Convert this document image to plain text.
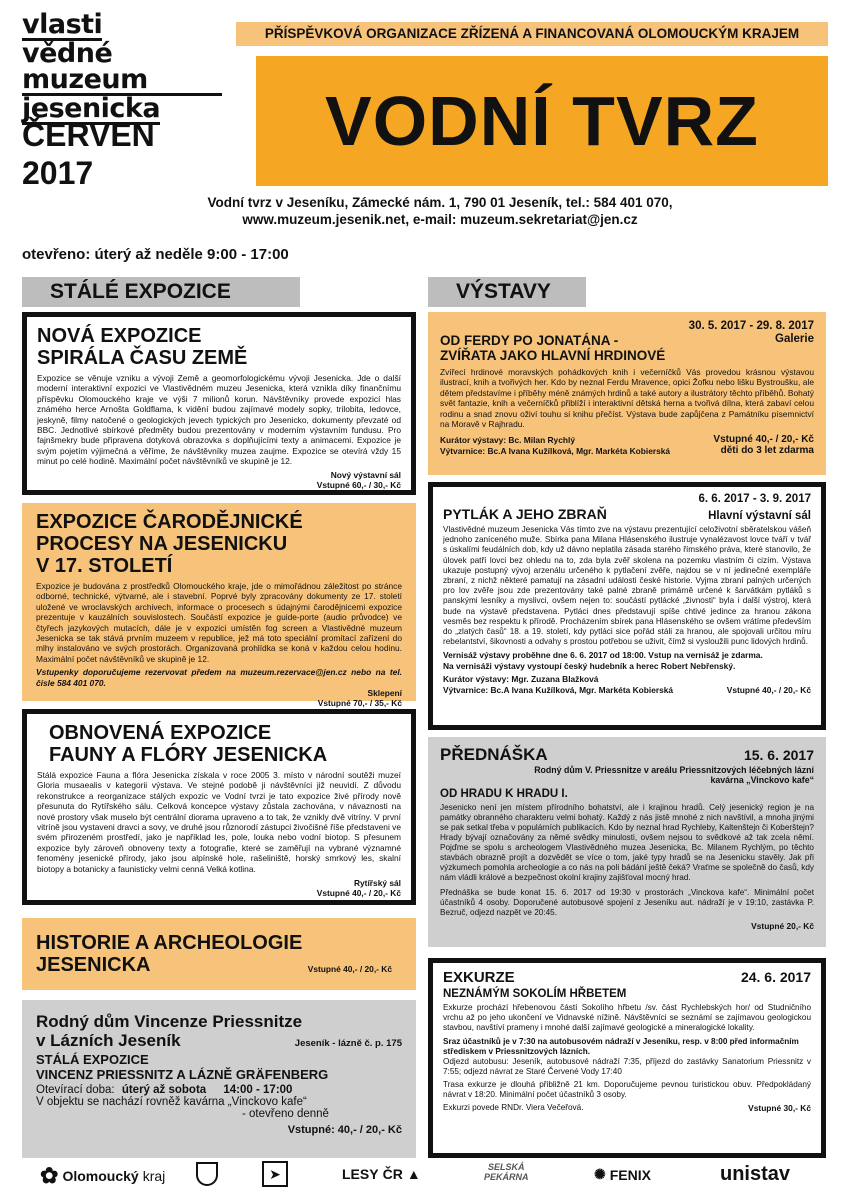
vlasti
vědné muzeum
jesenicka
ČERVEN
2017
PŘÍSPĚVKOVÁ ORGANIZACE ZŘÍZENÁ A FINANCOVANÁ OLOMOUCKÝM KRAJEM
VODNÍ TVRZ
Vodní tvrz v Jeseníku, Zámecké nám. 1, 790 01 Jeseník, tel.: 584 401 070,
www.muzeum.jesenik.net, e-mail: muzeum.sekretariat@jen.cz
otevřeno: úterý až neděle 9:00 - 17:00
STÁLÉ EXPOZICE	VÝSTAVY
NOVÁ EXPOZICE
SPIRÁLA ČASU ZEMĚ
Expozice se věnuje vzniku a vývoji Země a geomorfologickému vývoji Jesenicka. Jde o další moderní interaktivní expozici ve Vlastivědném muzeu Jesenicka, která vznikla díky finančnímu příspěvku Olomouckého kraje ve výši 7 milionů korun. Návštěvníky provede expozicí hlas známého herce Arnošta Goldflama, k vidění budou zajímavé modely sopky, trilobita, ledovce, jeskyně, filmy natočené o geologických jevech typických pro Jesenicko, dokumenty převzaté od BBC. Jednotlivé sbírkové předměty budou prezentovány v moderním výstavním fundusu. Pro fajnšmekry bude připravena dotyková obrazovka s doplňujícími texty a animacemi. Expozice je svým pojetím výjimečná a věříme, že návštěvníky muzea zaujme. Expozice se otevírá vždy 15 minut po celé hodině. Maximální počet návštěvníků ve skupině je 12.
Nový výstavní sál
Vstupné 60,- / 30,- Kč
EXPOZICE ČARODĚJNICKÉ
PROCESY NA JESENICKU
V 17. STOLETÍ
Expozice je budována z prostředků Olomouckého kraje, jde o mimořádnou záležitost po stránce odborné, technické, výtvarné, ale i stavební. Poprvé byly zpracovány dokumenty ze 17. století uložené ve wroclavských archivech, informace o procesech s údajnými čarodějnicemi expozice prezentuje v kauzálních souvislostech. Součástí expozice je guide-porte (audio průvodce) ve čtyřech jazykových mutacích, dále je v expozici umístěn fog screen a Vlastivědné muzeum Jesenicka se tak stává prvním muzeem v republice, jež má toto speciální promítací zařízení do mlhy instalováno ve svých prostorách. Organizovaná prohlídka se koná v každou celou hodinu. Maximální počet návštěvníků ve skupině je 12.
Vstupenky doporučujeme rezervovat předem na muzeum.rezervace@jen.cz nebo na tel. čísle 584 401 070.
Sklepení
Vstupné 70,- / 35,- Kč
OBNOVENÁ EXPOZICE
FAUNY A FLÓRY JESENICKA
Stálá expozice Fauna a flóra Jesenicka získala v roce 2005 3. místo v národní soutěži muzeí Gloria musaealis v kategorii výstava. Ve stejné podobě ji návštěvníci již neuvidí. Z důvodu rekonstrukce a reorganizace stálých expozic ve Vodní tvrzi je tato expozice živé přírody nově přesunuta do Rytířského sálu. Celková koncepce výstavy zůstala zachována, v návaznosti na nové prostory však muselo být centrální diorama upraveno a to tak, že vznikly dvě vitríny. V první vitríně jsou vystaveni dravci a sovy, ve druhé jsou různorodí zástupci živočišné říše představeni ve svém přirozeném prostředí, jako je například les, pole, louka nebo vodní biotop. S přesunem expozice byly zároveň obnoveny texty a fotografie, které se zaměřují na vybrané významné fenomény jesenické přírody, jako jsou alpínské hole, rašeliniště, horský smrkový les, skalní biotopy a botanicky a faunisticky velmi cenná Velká kotlina.
Rytířský sál
Vstupné 40,- / 20,- Kč
HISTORIE A ARCHEOLOGIE
JESENICKA	Vstupné 40,- / 20,- Kč
Rodný dům Vincenze Priessnitze
v Lázních Jeseník	Jeseník - lázně č. p. 175
STÁLÁ EXPOZICE
VINCENZ PRIESSNITZ A LÁZNĚ GRÄFENBERG
Otevírací doba: úterý až sobota 14:00 - 17:00
V objektu se nachází rovněž kavárna „Vinckovo kafe“
- otevřeno denně
Vstupné: 40,- / 20,- Kč
30. 5. 2017 - 29. 8. 2017
OD FERDY PO JONATÁNA -	Galerie
ZVÍŘATA JAKO HLAVNÍ HRDINOVÉ
Zvířecí hrdinové moravských pohádkových knih i večerníčků Vás provedou krásnou výstavou ilustrací, knih a tvořivých her. Kdo by neznal Ferdu Mravence, opici Žofku nebo lišku Bystroušku, ale dětem představíme i příběhy méně známých hrdinů a také autory a ilustrátory těchto příběhů. Bohatý svět fantazie, knih a večerníčků přiblíží i interaktivní dětská herna a tvořivá dílna, která zabaví celou rodinu a snad znovu oživí touhu si knihu přečíst. Výstava bude zapůjčena z Památníku písemnictví na Moravě v Rajhradu.
Kurátor výstavy: Bc. Milan Rychlý
Výtvarnice: Bc.A Ivana Kužílková, Mgr. Markéta Kobierská
Vstupné 40,- / 20,- Kč
děti do 3 let zdarma
6. 6. 2017 - 3. 9. 2017
PYTLÁK A JEHO ZBRAŇ	Hlavní výstavní sál
Vlastivědné muzeum Jesenicka Vás tímto zve na výstavu prezentující celoživotní sběratelskou vášeň jednoho zaníceného muže. Sbírka pana Milana Hlásenského ilustruje vynalézavost lovce tváří v tvář s úskalími feudálních dob, kdy už dávno neplatila zásada starého římského práva, které stanovilo, že úlovek patří lovci bez ohledu na to, zda byla zvěř skolena na pozemku vlastním či cizím. Výstava ukazuje postupný vývoj arzenálu určeného k pytlačení zvěře, najdou se v ní jedinečné exempláře zbraní, z nichž některé pamatují na zásadní události české historie. Vyjma zbraní palných určených pro lov zvěře jsou zde prezentovány také palné zbraně primárně určené k šarvátkám pytláků s panskými lesníky a myslivci, ovšem nejen to: součástí pytlácké „živnosti“ byla i další výstroj, která bude na výstavě představena. Pytláci dnes představují spíše chtivé jedince za hranou zákona vesměs bez respektu k přírodě. Procházením sbírek pana Hlásenského se ovšem vrátíme především do „zlatých časů“ 18. a 19. století, kdy pytláci sice pořád stáli za hranou, ale spojovali určitou míru rebelantství, šikovnosti a odvahy s prostou potřebou se uživit, čímž si vysloužili punc lidových hrdinů.
Vernisáž výstavy proběhne dne 6. 6. 2017 od 18:00. Vstup na vernisáž je zdarma.
Na vernisáži výstavy vystoupí český hudebník a herec Robert Nebřenský.
Kurátor výstavy: Mgr. Zuzana Blažková
Výtvarnice: Bc.A Ivana Kužílková, Mgr. Markéta Kobierská	Vstupné 40,- / 20,- Kč
PŘEDNÁŠKA	15. 6. 2017
Rodný dům V. Priessnitze v areálu Priessnitzových léčebných lázní
kavárna „Vinckovo kafe“
OD HRADU K HRADU I.
Jesenicko není jen místem přírodního bohatství, ale i krajinou hradů. Celý jesenický region je na památky obranného charakteru velmi bohatý. Každý z nás jistě mnohé z nich navštívil, a mnoha jinými se pak setkal třeba v populárních publikacích. Kdo by neznal hrad Rychleby, Kaltenštejn či Koberštejn? Hrady bývají označovány za němé svědky minulosti, ovšem nejsou to svědkové až tak zcela němí. Pojďme se spolu s archeologem Vlastivědného muzea Jesenicka, Bc. Milanem Rychlým, po těchto stavbách obrazně projít a dozvědět se více o tom, jaké typy hradů se na Jesenicku stavěly. Jak při výzkumech pomohla archeologie a co nás na poli bádání ještě čeká? Vraťme se společně do časů, kdy nám vládli králové a bezpečnost okolní krajiny zajišťoval mocný hrad.
Přednáška se bude konat 15. 6. 2017 od 19:30 v prostorách „Vinckova kafe“. Minimální počet účastníků 4 osoby. Doporučené autobusové spojení z Jeseníku aut. nádraží je v 19:10, zastávka P. Bezruč, odjezd nazpět ve 20:45.
Vstupné 20,- Kč
EXKURZE	24. 6. 2017
NEZNÁMÝM SOKOLÍM HŘBETEM
Exkurze prochází hřebenovou částí Sokolího hřbetu /sv. část Rychlebských hor/ od Studničního vrchu až po jeho ukončení ve Vidnavské nížině. Návštěvníci se seznámí se zajímavou geologickou stavbou, navštíví prameny i mnohé další zajímavé geologické a mineralogické lokality.
Sraz účastníků je v 7:30 na autobusovém nádraží v Jeseníku, resp. v 8:00 před informačním střediskem v Priessnitzových lázních.
Odjezd autobusu: Jeseník, autobusové nádraží 7:35, příjezd do zastávky Sanatorium Priessnitz v 7:55; odjezd návrat ze Staré Červené Vody 17:40
Trasa exkurze je dlouhá přibližně 21 km. Doporučujeme pevnou turistickou obuv. Předpokládaný návrat v 18:20. Minimální počet účastníků 3 osoby.
Exkurzi povede RNDr. Viera Večeřová.	Vstupné 30,- Kč
✿ Olomoucký kraj	➤	LESY ČR ▲	SELSKÁ
PEKÁRNA	✺ FENIX	unistav
